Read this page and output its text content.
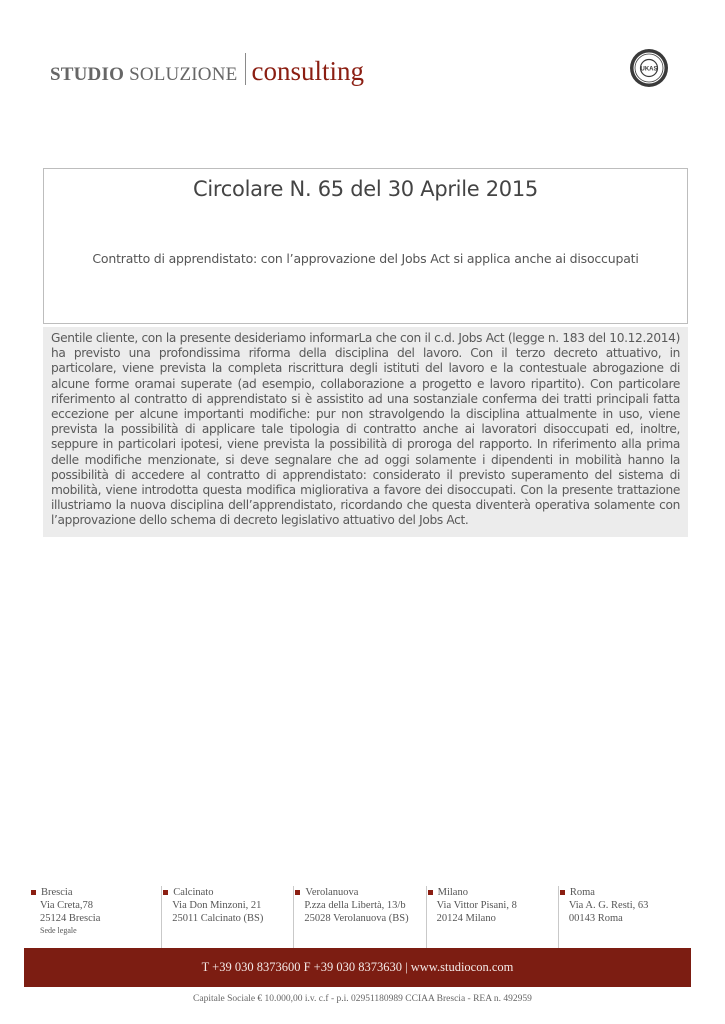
STUDIO SOLUZIONE consulting	UKAS
Circolare N. 65 del 30 Aprile 2015
Contratto di apprendistato: con l’approvazione del Jobs Act si applica anche ai disoccupati

Gentile cliente, con la presente desideriamo informarLa che con il c.d. Jobs Act (legge n. 183 del 10.12.2014) ha previsto una profondissima riforma della disciplina del lavoro. Con il terzo decreto attuativo, in particolare, viene prevista la completa riscrittura degli istituti del lavoro e la contestuale abrogazione di alcune forme oramai superate (ad esempio, collaborazione a progetto e lavoro ripartito). Con particolare riferimento al contratto di apprendistato si è assistito ad una sostanziale conferma dei tratti principali fatta eccezione per alcune importanti modifiche: pur non stravolgendo la disciplina attualmente in uso, viene prevista la possibilità di applicare tale tipologia di contratto anche ai lavoratori disoccupati ed, inoltre, seppure in particolari ipotesi, viene prevista la possibilità di proroga del rapporto. In riferimento alla prima delle modifiche menzionate, si deve segnalare che ad oggi solamente i dipendenti in mobilità hanno la possibilità di accedere al contratto di apprendistato: considerato il previsto superamento del sistema di mobilità, viene introdotta questa modifica migliorativa a favore dei disoccupati. Con la presente trattazione illustriamo la nuova disciplina dell’apprendistato, ricordando che questa diventerà operativa solamente con l’approvazione dello schema di decreto legislativo attuativo del Jobs Act.

Brescia
Via Creta,78
25124 Brescia
Sede legale
Calcinato
Via Don Minzoni, 21
25011 Calcinato (BS)
Verolanuova
P.zza della Libertà, 13/b
25028 Verolanuova (BS)
Milano
Via Vittor Pisani, 8
20124 Milano
Roma
Via A. G. Resti, 63
00143 Roma
T +39 030 8373600 F +39 030 8373630 | www.studiocon.com
Capitale Sociale € 10.000,00 i.v. c.f - p.i. 02951180989 CCIAA Brescia - REA n. 492959
